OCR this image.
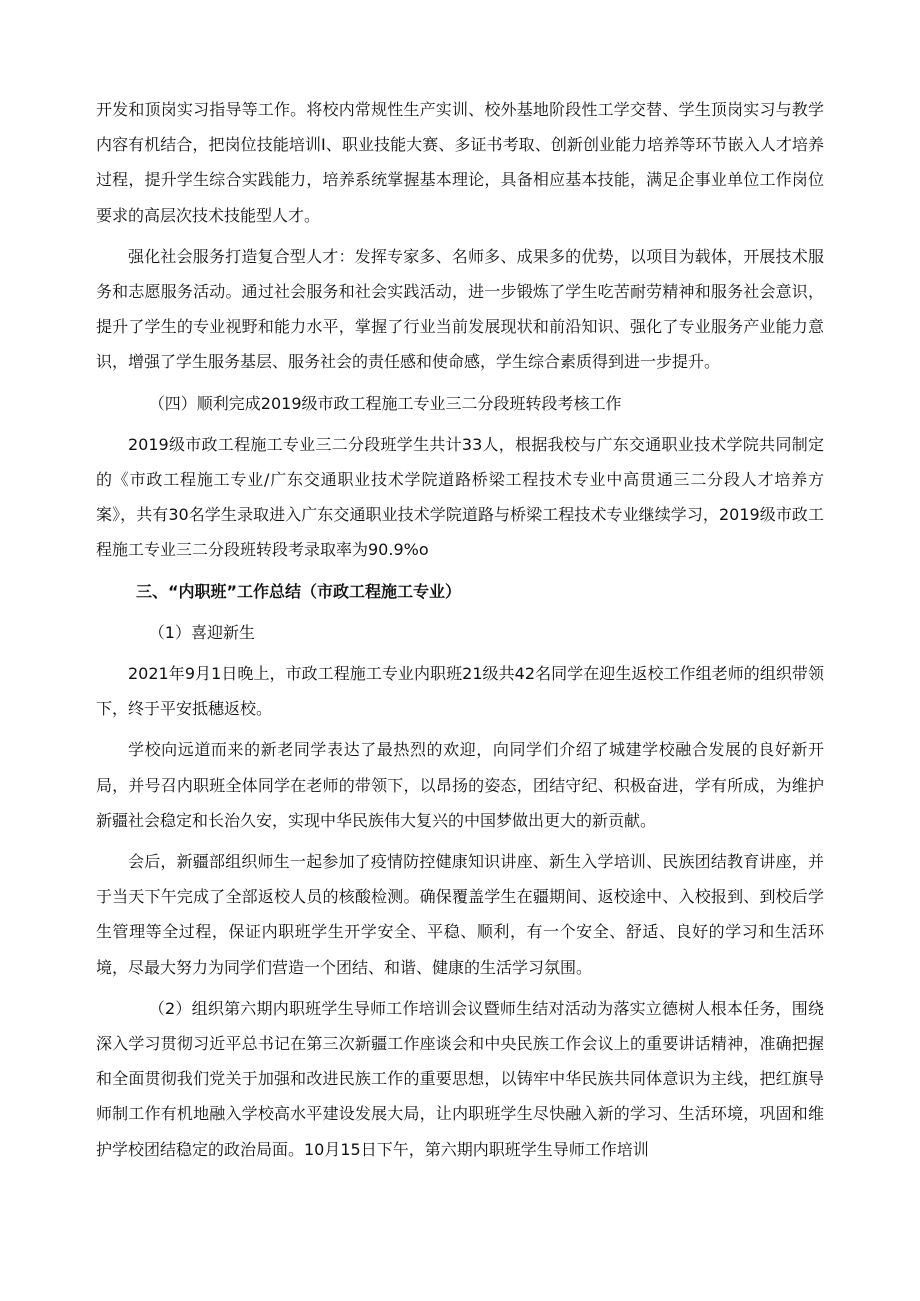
开发和顶岗实习指导等工作。将校内常规性生产实训、校外基地阶段性工学交替、学生顶岗实习与教学内容有机结合，把岗位技能培训Ⅰ、职业技能大赛、多证书考取、创新创业能力培养等环节嵌入人才培养过程，提升学生综合实践能力，培养系统掌握基本理论，具备相应基本技能，满足企事业单位工作岗位要求的高层次技术技能型人才。

强化社会服务打造复合型人才：发挥专家多、名师多、成果多的优势，以项目为载体，开展技术服务和志愿服务活动。通过社会服务和社会实践活动，进一步锻炼了学生吃苦耐劳精神和服务社会意识，提升了学生的专业视野和能力水平，掌握了行业当前发展现状和前沿知识、强化了专业服务产业能力意识，增强了学生服务基层、服务社会的责任感和使命感，学生综合素质得到进一步提升。

（四）顺利完成2019级市政工程施工专业三二分段班转段考核工作

2019级市政工程施工专业三二分段班学生共计33人，根据我校与广东交通职业技术学院共同制定的《市政工程施工专业/广东交通职业技术学院道路桥梁工程技术专业中高贯通三二分段人才培养方案》，共有30名学生录取进入广东交通职业技术学院道路与桥梁工程技术专业继续学习，2019级市政工程施工专业三二分段班转段考录取率为90.9%o

三、“内职班”工作总结（市政工程施工专业）

（1）喜迎新生

2021年9月1日晚上，市政工程施工专业内职班21级共42名同学在迎生返校工作组老师的组织带领下，终于平安抵穗返校。

学校向远道而来的新老同学表达了最热烈的欢迎，向同学们介绍了城建学校融合发展的良好新开局，并号召内职班全体同学在老师的带领下，以昂扬的姿态，团结守纪、积极奋进，学有所成，为维护新疆社会稳定和长治久安，实现中华民族伟大复兴的中国梦做出更大的新贡献。

会后，新疆部组织师生一起参加了疫情防控健康知识讲座、新生入学培训、民族团结教育讲座，并于当天下午完成了全部返校人员的核酸检测。确保覆盖学生在疆期间、返校途中、入校报到、到校后学生管理等全过程，保证内职班学生开学安全、平稳、顺利，有一个安全、舒适、良好的学习和生活环境，尽最大努力为同学们营造一个团结、和谐、健康的生活学习氛围。

（2）组织第六期内职班学生导师工作培训会议暨师生结对活动为落实立德树人根本任务，围绕深入学习贯彻习近平总书记在第三次新疆工作座谈会和中央民族工作会议上的重要讲话精神，准确把握和全面贯彻我们党关于加强和改进民族工作的重要思想，以铸牢中华民族共同体意识为主线，把红旗导师制工作有机地融入学校高水平建设发展大局，让内职班学生尽快融入新的学习、生活环境，巩固和维护学校团结稳定的政治局面。10月15日下午，第六期内职班学生导师工作培训
